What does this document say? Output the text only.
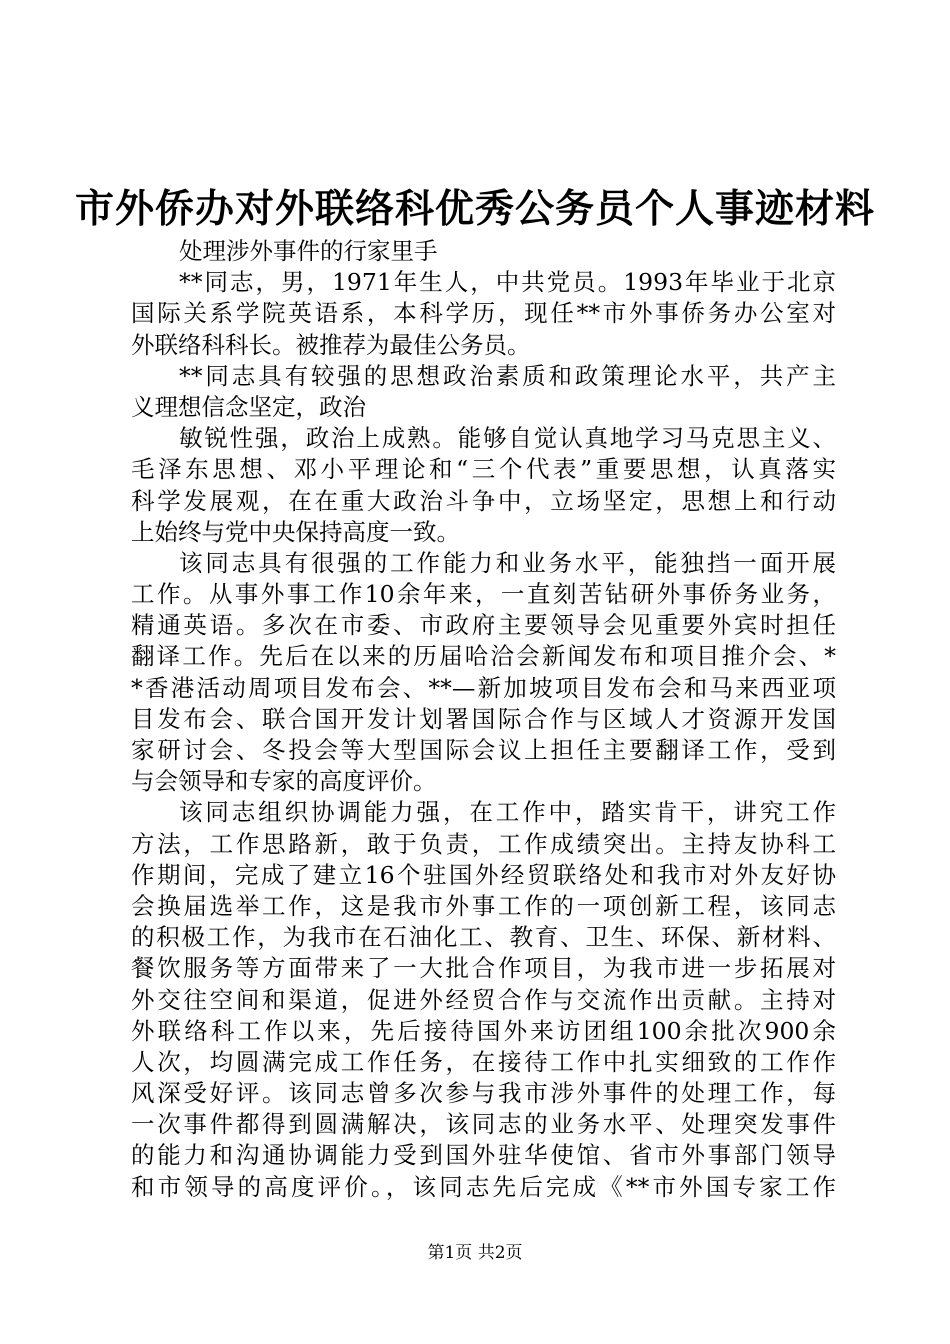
市外侨办对外联络科优秀公务员个人事迹材料
处理涉外事件的行家里手
**同志，男，1971年生人，中共党员。1993年毕业于北京
国际关系学院英语系，本科学历，现任**市外事侨务办公室对
外联络科科长。被推荐为最佳公务员。
**同志具有较强的思想政治素质和政策理论水平，共产主
义理想信念坚定，政治
敏锐性强，政治上成熟。能够自觉认真地学习马克思主义、
毛泽东思想、邓小平理论和“三个代表”重要思想，认真落实
科学发展观，在在重大政治斗争中，立场坚定，思想上和行动
上始终与党中央保持高度一致。
该同志具有很强的工作能力和业务水平，能独挡一面开展
工作。从事外事工作10余年来，一直刻苦钻研外事侨务业务，
精通英语。多次在市委、市政府主要领导会见重要外宾时担任
翻译工作。先后在以来的历届哈洽会新闻发布和项目推介会、*
*香港活动周项目发布会、**—新加坡项目发布会和马来西亚项
目发布会、联合国开发计划署国际合作与区域人才资源开发国
家研讨会、冬投会等大型国际会议上担任主要翻译工作，受到
与会领导和专家的高度评价。
该同志组织协调能力强，在工作中，踏实肯干，讲究工作
方法，工作思路新，敢于负责，工作成绩突出。主持友协科工
作期间，完成了建立16个驻国外经贸联络处和我市对外友好协
会换届选举工作，这是我市外事工作的一项创新工程，该同志
的积极工作，为我市在石油化工、教育、卫生、环保、新材料、
餐饮服务等方面带来了一大批合作项目，为我市进一步拓展对
外交往空间和渠道，促进外经贸合作与交流作出贡献。主持对
外联络科工作以来，先后接待国外来访团组100余批次900余
人次，均圆满完成工作任务，在接待工作中扎实细致的工作作
风深受好评。该同志曾多次参与我市涉外事件的处理工作，每
一次事件都得到圆满解决，该同志的业务水平、处理突发事件
的能力和沟通协调能力受到国外驻华使馆、省市外事部门领导
和市领导的高度评价。，该同志先后完成《**市外国专家工作
第1页 共2页
